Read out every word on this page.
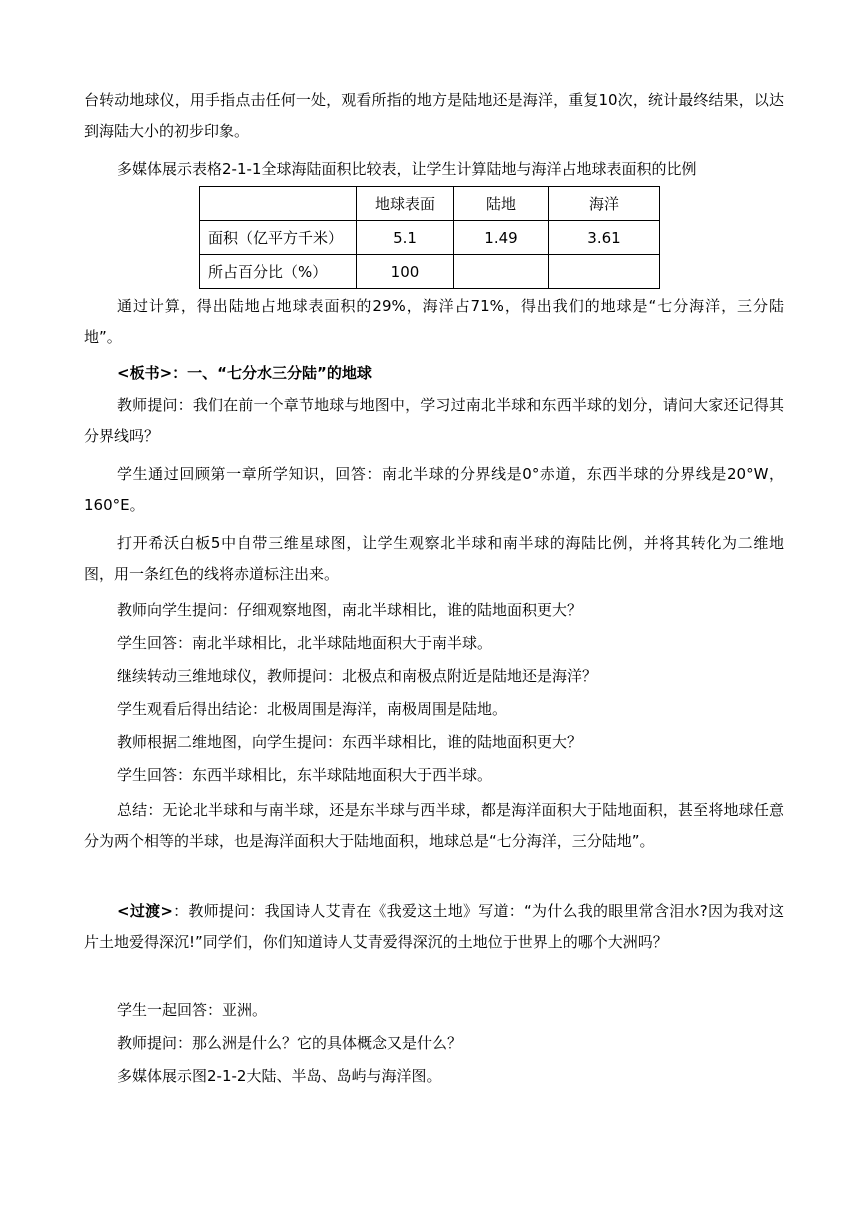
台转动地球仪，用手指点击任何一处，观看所指的地方是陆地还是海洋，重复10次，统计最终结果，以达到海陆大小的初步印象。

多媒体展示表格2-1-1全球海陆面积比较表，让学生计算陆地与海洋占地球表面积的比例

	地球表面	陆地	海洋
面积（亿平方千米）	5.1	1.49	3.61
所占百分比（%）	100		

通过计算，得出陆地占地球表面积的29%，海洋占71%，得出我们的地球是“七分海洋，三分陆地”。

<板书>：一、“七分水三分陆”的地球

教师提问：我们在前一个章节地球与地图中，学习过南北半球和东西半球的划分，请问大家还记得其分界线吗？

学生通过回顾第一章所学知识，回答：南北半球的分界线是0°赤道，东西半球的分界线是20°W，160°E。

打开希沃白板5中自带三维星球图，让学生观察北半球和南半球的海陆比例，并将其转化为二维地图，用一条红色的线将赤道标注出来。

教师向学生提问：仔细观察地图，南北半球相比，谁的陆地面积更大？

学生回答：南北半球相比，北半球陆地面积大于南半球。

继续转动三维地球仪，教师提问：北极点和南极点附近是陆地还是海洋？

学生观看后得出结论：北极周围是海洋，南极周围是陆地。

教师根据二维地图，向学生提问：东西半球相比，谁的陆地面积更大？

学生回答：东西半球相比，东半球陆地面积大于西半球。

总结：无论北半球和与南半球，还是东半球与西半球，都是海洋面积大于陆地面积，甚至将地球任意分为两个相等的半球，也是海洋面积大于陆地面积，地球总是“七分海洋，三分陆地”。

<过渡>：教师提问：我国诗人艾青在《我爱这土地》写道：“为什么我的眼里常含泪水?因为我对这片土地爱得深沉!”同学们，你们知道诗人艾青爱得深沉的土地位于世界上的哪个大洲吗？

学生一起回答：亚洲。

教师提问：那么洲是什么？它的具体概念又是什么？

多媒体展示图2-1-2大陆、半岛、岛屿与海洋图。
